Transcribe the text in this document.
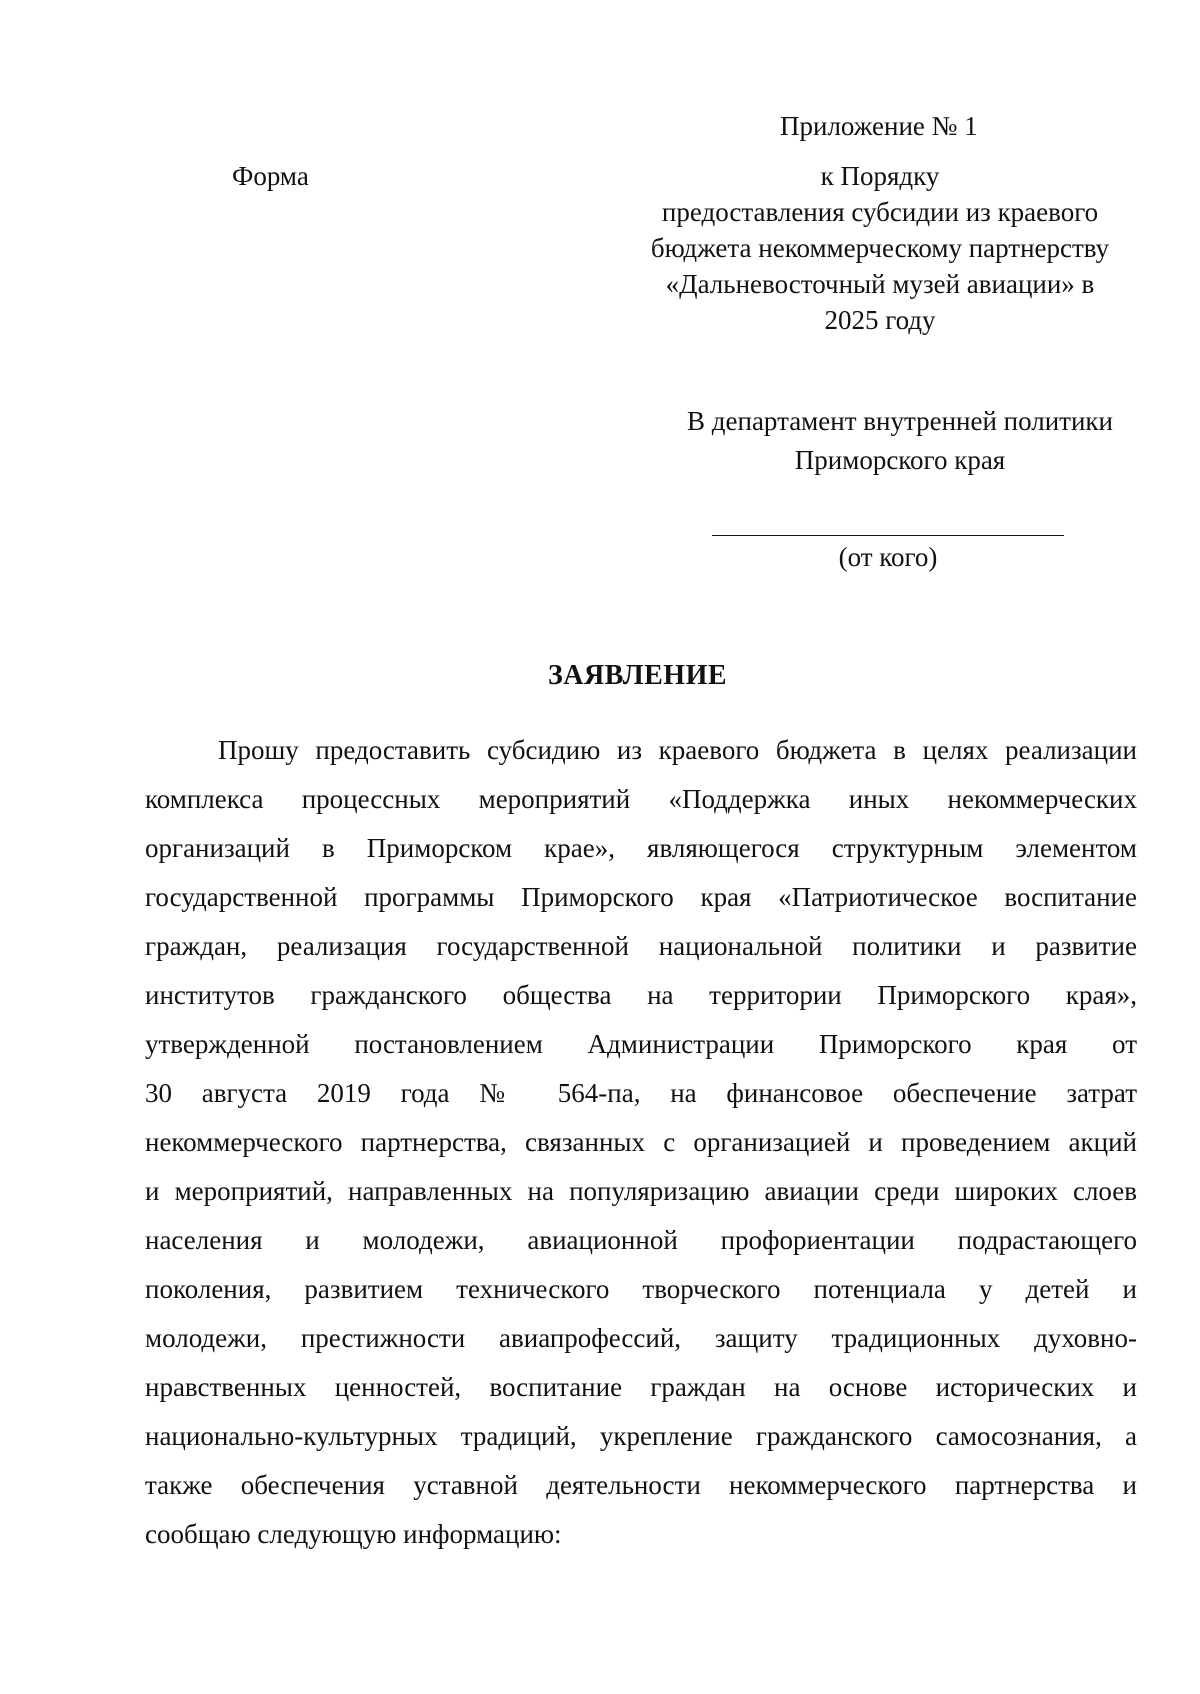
Приложение № 1
Форма	к Порядку
предоставления субсидии из краевого
бюджета некоммерческому партнерству
«Дальневосточный музей авиации» в
2025 году
В департамент внутренней политики
Приморского края
(от кого)
ЗАЯВЛЕНИЕ
Прошу предоставить субсидию из краевого бюджета в целях реализации
комплекса процессных мероприятий «Поддержка иных некоммерческих
организаций в Приморском крае», являющегося структурным элементом
государственной программы Приморского края «Патриотическое воспитание
граждан, реализация государственной национальной политики и развитие
институтов гражданского общества на территории Приморского края»,
утвержденной постановлением Администрации Приморского края от
30 августа 2019 года № 564-па, на финансовое обеспечение затрат
некоммерческого партнерства, связанных с организацией и проведением акций
и мероприятий, направленных на популяризацию авиации среди широких слоев
населения и молодежи, авиационной профориентации подрастающего
поколения, развитием технического творческого потенциала у детей и
молодежи, престижности авиапрофессий, защиту традиционных духовно-
нравственных ценностей, воспитание граждан на основе исторических и
национально-культурных традиций, укрепление гражданского самосознания, а
также обеспечения уставной деятельности некоммерческого партнерства и
сообщаю следующую информацию:
